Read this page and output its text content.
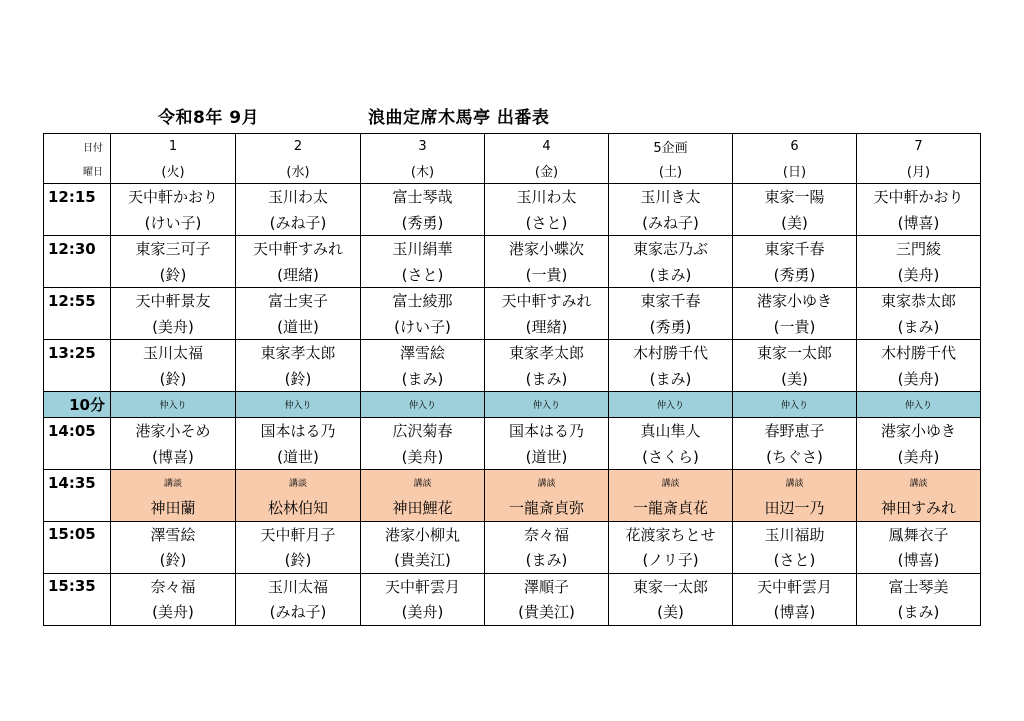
令和8年 9月	浪曲定席木馬亭 出番表
日付	1	2	3	4	5企画	6	7
曜日	(火)	(水)	(木)	(金)	(土)	(日)	(月)
12:15	天中軒かおり	玉川わ太	富士琴哉	玉川わ太	玉川き太	東家一陽	天中軒かおり
	(けい子)	(みね子)	(秀勇)	(さと)	(みね子)	(美)	(博喜)
12:30	東家三可子	天中軒すみれ	玉川絹華	港家小蝶次	東家志乃ぶ	東家千春	三門綾
	(鈴)	(理緒)	(さと)	(一貴)	(まみ)	(秀勇)	(美舟)
12:55	天中軒景友	富士実子	富士綾那	天中軒すみれ	東家千春	港家小ゆき	東家恭太郎
	(美舟)	(道世)	(けい子)	(理緒)	(秀勇)	(一貴)	(まみ)
13:25	玉川太福	東家孝太郎	澤雪絵	東家孝太郎	木村勝千代	東家一太郎	木村勝千代
	(鈴)	(鈴)	(まみ)	(まみ)	(まみ)	(美)	(美舟)
10分	仲入り	仲入り	仲入り	仲入り	仲入り	仲入り	仲入り
14:05	港家小そめ	国本はる乃	広沢菊春	国本はる乃	真山隼人	春野恵子	港家小ゆき
	(博喜)	(道世)	(美舟)	(道世)	(さくら)	(ちぐさ)	(美舟)
14:35	講談	講談	講談	講談	講談	講談	講談
	神田蘭	松林伯知	神田鯉花	一龍斎貞弥	一龍斎貞花	田辺一乃	神田すみれ
15:05	澤雪絵	天中軒月子	港家小柳丸	奈々福	花渡家ちとせ	玉川福助	鳳舞衣子
	(鈴)	(鈴)	(貴美江)	(まみ)	(ノリ子)	(さと)	(博喜)
15:35	奈々福	玉川太福	天中軒雲月	澤順子	東家一太郎	天中軒雲月	富士琴美
	(美舟)	(みね子)	(美舟)	(貴美江)	(美)	(博喜)	(まみ)
